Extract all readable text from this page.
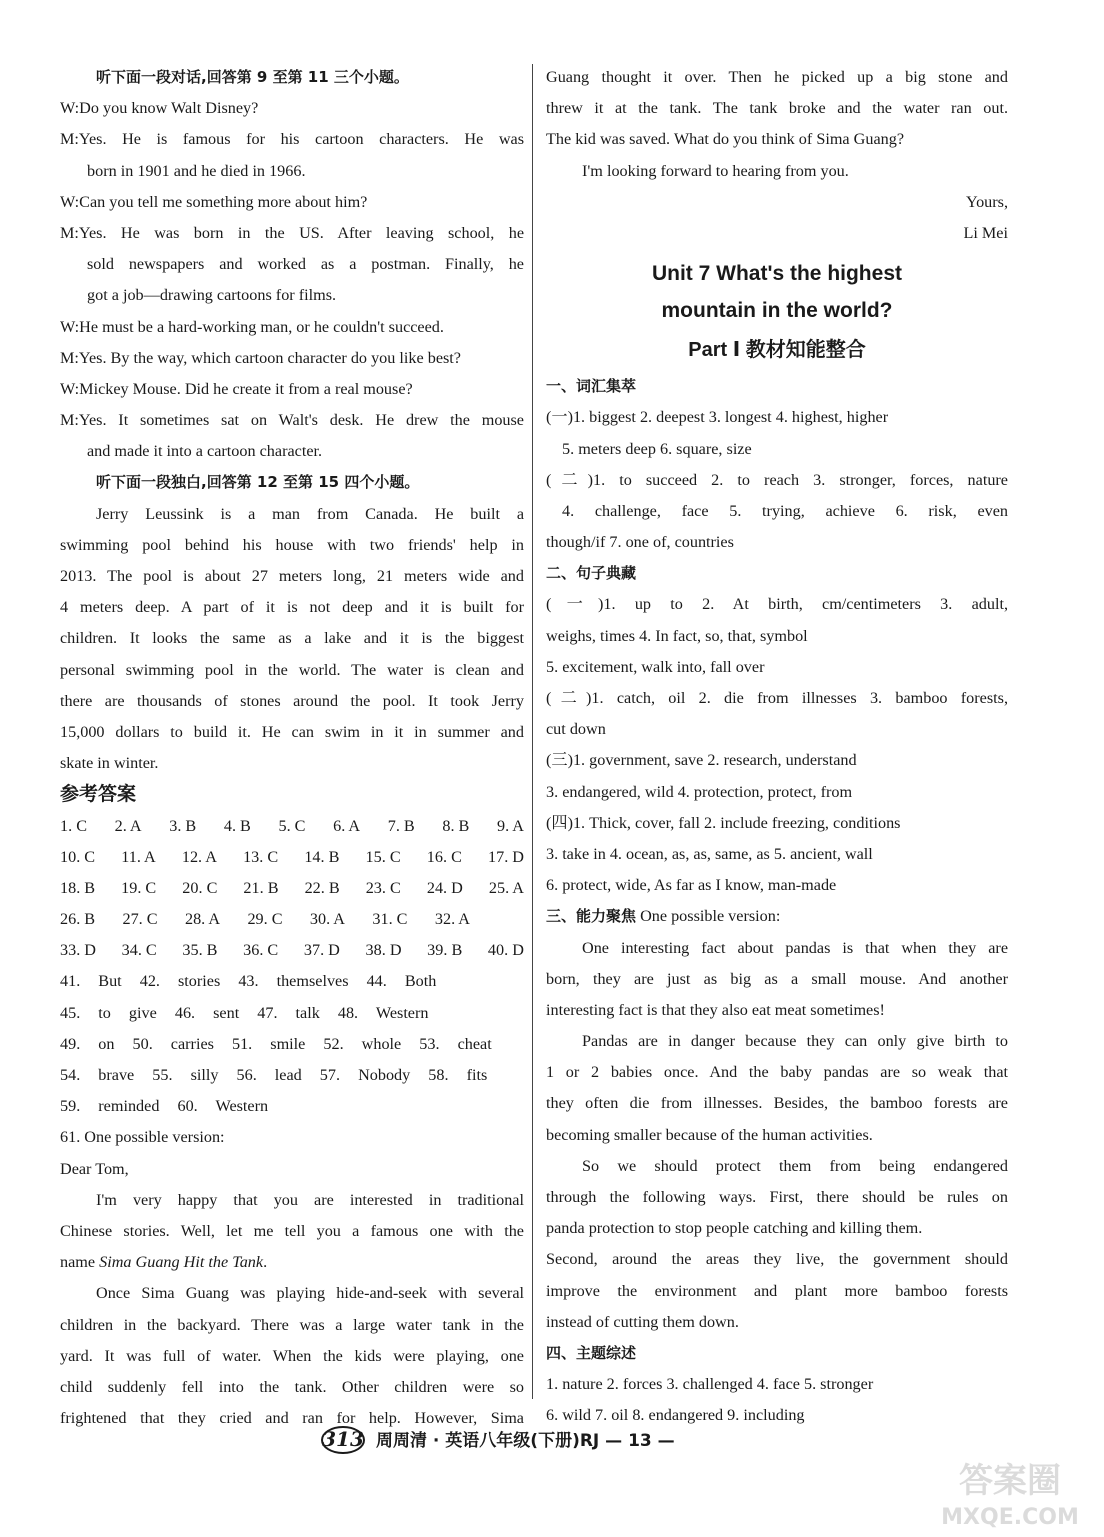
听下面一段对话,回答第 9 至第 11 三个小题。
W:Do you know Walt Disney?
M:Yes. He is famous for his cartoon characters. He was
born in 1901 and he died in 1966.
W:Can you tell me something more about him?
M:Yes. He was born in the US. After leaving school, he
sold newspapers and worked as a postman. Finally, he
got a job—drawing cartoons for films.
W:He must be a hard-working man, or he couldn't succeed.
M:Yes. By the way, which cartoon character do you like best?
W:Mickey Mouse. Did he create it from a real mouse?
M:Yes. It sometimes sat on Walt's desk. He drew the mouse
and made it into a cartoon character.
听下面一段独白,回答第 12 至第 15 四个小题。
Jerry Leussink is a man from Canada. He built a
swimming pool behind his house with two friends' help in
2013. The pool is about 27 meters long, 21 meters wide and
4 meters deep. A part of it is not deep and it is built for
children. It looks the same as a lake and it is the biggest
personal swimming pool in the world. The water is clean and
there are thousands of stones around the pool. It took Jerry
15,000 dollars to build it. He can swim in it in summer and
skate in winter.
参考答案
1. C 2. A 3. B 4. B 5. C 6. A 7. B 8. B 9. A
10. C 11. A 12. A 13. C 14. B 15. C 16. C 17. D
18. B 19. C 20. C 21. B 22. B 23. C 24. D 25. A
26. B 27. C 28. A 29. C 30. A 31. C 32. A
33. D 34. C 35. B 36. C 37. D 38. D 39. B 40. D
41. But 42. stories 43. themselves 44. Both
45. to give 46. sent 47. talk 48. Western
49. on 50. carries 51. smile 52. whole 53. cheat
54. brave 55. silly 56. lead 57. Nobody 58. fits
59. reminded 60. Western
61. One possible version:
Dear Tom,
I'm very happy that you are interested in traditional
Chinese stories. Well, let me tell you a famous one with the
name Sima Guang Hit the Tank.
Once Sima Guang was playing hide-and-seek with several
children in the backyard. There was a large water tank in the
yard. It was full of water. When the kids were playing, one
child suddenly fell into the tank. Other children were so
frightened that they cried and ran for help. However, Sima
Guang thought it over. Then he picked up a big stone and
threw it at the tank. The tank broke and the water ran out.
The kid was saved. What do you think of Sima Guang?
I'm looking forward to hearing from you.
Yours,
Li Mei
Unit 7 What's the highest
mountain in the world?
Part Ⅰ 教材知能整合
一、词汇集萃
(一)1. biggest 2. deepest 3. longest 4. highest, higher
5. meters deep 6. square, size
(二)1. to succeed 2. to reach 3. stronger, forces, nature
4. challenge, face 5. trying, achieve 6. risk, even
though/if 7. one of, countries
二、句子典藏
(一)1. up to 2. At birth, cm/centimeters 3. adult,
weighs, times 4. In fact, so, that, symbol
5. excitement, walk into, fall over
(二)1. catch, oil 2. die from illnesses 3. bamboo forests,
cut down
(三)1. government, save 2. research, understand
3. endangered, wild 4. protection, protect, from
(四)1. Thick, cover, fall 2. include freezing, conditions
3. take in 4. ocean, as, as, same, as 5. ancient, wall
6. protect, wide, As far as I know, man-made
三、能力聚焦 One possible version:
One interesting fact about pandas is that when they are
born, they are just as big as a small mouse. And another
interesting fact is that they also eat meat sometimes!
Pandas are in danger because they can only give birth to
1 or 2 babies once. And the baby pandas are so weak that
they often die from illnesses. Besides, the bamboo forests are
becoming smaller because of the human activities.
So we should protect them from being endangered
through the following ways. First, there should be rules on
panda protection to stop people catching and killing them.
Second, around the areas they live, the government should
improve the environment and plant more bamboo forests
instead of cutting them down.
四、主题综述
1. nature 2. forces 3. challenged 4. face 5. stronger
6. wild 7. oil 8. endangered 9. including
313 周周清 · 英语八年级(下册)RJ — 13 —
答案圈
MXQE.COM
